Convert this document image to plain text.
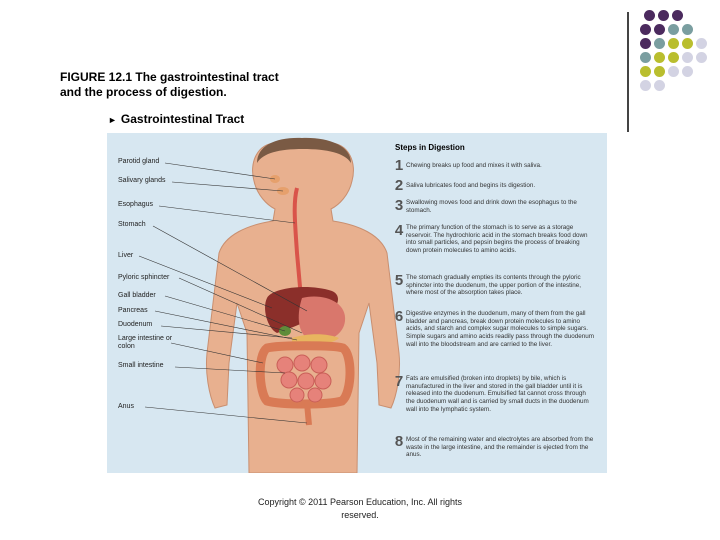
FIGURE 12.1 The gastrointestinal tract and the process of digestion.
► Gastrointestinal Tract
Parotid gland
Salivary glands
Esophagus
Stomach
Liver
Pyloric sphincter
Gall bladder
Pancreas
Duodenum
Large intestine or colon
Small intestine
Anus
Steps in Digestion
1 Chewing breaks up food and mixes it with saliva.
2 Saliva lubricates food and begins its digestion.
3 Swallowing moves food and drink down the esophagus to the stomach.
4 The primary function of the stomach is to serve as a storage reservoir. The hydrochloric acid in the stomach breaks food down into small particles, and pepsin begins the process of breaking down protein molecules to amino acids.
5 The stomach gradually empties its contents through the pyloric sphincter into the duodenum, the upper portion of the intestine, where most of the absorption takes place.
6 Digestive enzymes in the duodenum, many of them from the gall bladder and pancreas, break down protein molecules to amino acids, and starch and complex sugar molecules to simple sugars. Simple sugars and amino acids readily pass through the duodenum wall into the bloodstream and are carried to the liver.
7 Fats are emulsified (broken into droplets) by bile, which is manufactured in the liver and stored in the gall bladder until it is released into the duodenum. Emulsified fat cannot cross through the duodenum wall and is carried by small ducts in the duodenum wall into the lymphatic system.
8 Most of the remaining water and electrolytes are absorbed from the waste in the large intestine, and the remainder is ejected from the anus.
Copyright © 2011 Pearson Education, Inc. All rights reserved.
